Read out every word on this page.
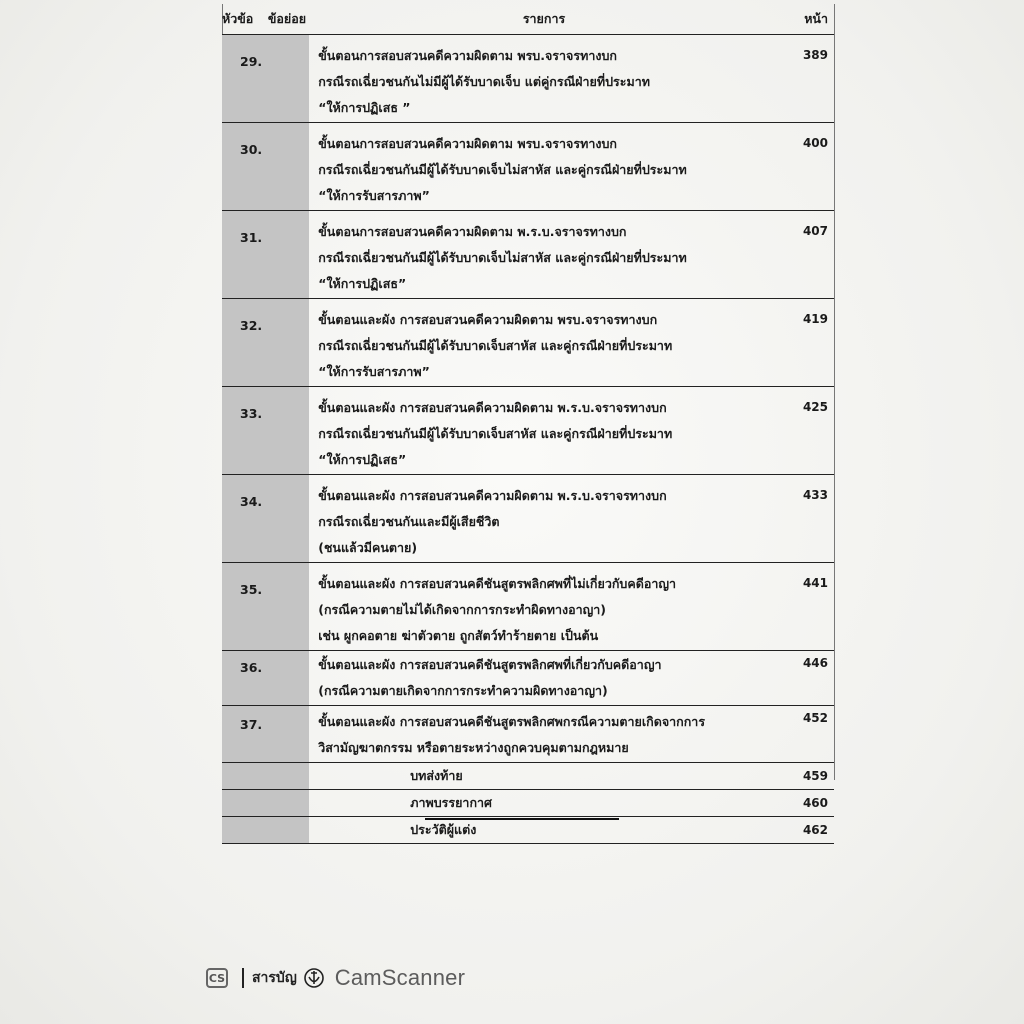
หัวข้อ	ข้อย่อย	รายการ	หน้า

29.		ขั้นตอนการสอบสวนคดีความผิดตาม พรบ.จราจรทางบก
กรณีรถเฉี่ยวชนกันไม่มีผู้ได้รับบาดเจ็บ แต่คู่กรณีฝ่ายที่ประมาท
“ให้การปฏิเสธ ”	389

30.		ขั้นตอนการสอบสวนคดีความผิดตาม พรบ.จราจรทางบก
กรณีรถเฉี่ยวชนกันมีผู้ได้รับบาดเจ็บไม่สาหัส และคู่กรณีฝ่ายที่ประมาท
“ให้การรับสารภาพ”	400

31.		ขั้นตอนการสอบสวนคดีความผิดตาม พ.ร.บ.จราจรทางบก
กรณีรถเฉี่ยวชนกันมีผู้ได้รับบาดเจ็บไม่สาหัส และคู่กรณีฝ่ายที่ประมาท
“ให้การปฏิเสธ”	407

32.		ขั้นตอนและผัง การสอบสวนคดีความผิดตาม พรบ.จราจรทางบก
กรณีรถเฉี่ยวชนกันมีผู้ได้รับบาดเจ็บสาหัส และคู่กรณีฝ่ายที่ประมาท
“ให้การรับสารภาพ”	419

33.		ขั้นตอนและผัง การสอบสวนคดีความผิดตาม พ.ร.บ.จราจรทางบก
กรณีรถเฉี่ยวชนกันมีผู้ได้รับบาดเจ็บสาหัส และคู่กรณีฝ่ายที่ประมาท
“ให้การปฏิเสธ”	425

34.		ขั้นตอนและผัง การสอบสวนคดีความผิดตาม พ.ร.บ.จราจรทางบก
กรณีรถเฉี่ยวชนกันและมีผู้เสียชีวิต
(ชนแล้วมีคนตาย)	433

35.		ขั้นตอนและผัง การสอบสวนคดีชันสูตรพลิกศพที่ไม่เกี่ยวกับคดีอาญา
(กรณีความตายไม่ได้เกิดจากการกระทำผิดทางอาญา)
เช่น ผูกคอตาย ฆ่าตัวตาย ถูกสัตว์ทำร้ายตาย เป็นต้น	441

36.		ขั้นตอนและผัง การสอบสวนคดีชันสูตรพลิกศพที่เกี่ยวกับคดีอาญา
(กรณีความตายเกิดจากการกระทำความผิดทางอาญา)	446

37.		ขั้นตอนและผัง การสอบสวนคดีชันสูตรพลิกศพกรณีความตายเกิดจากการ
วิสามัญฆาตกรรม หรือตายระหว่างถูกควบคุมตามกฎหมาย	452

		บทส่งท้าย	459
		ภาพบรรยากาศ	460
		ประวัติผู้แต่ง	462
CS สารบัญ CamScanner
